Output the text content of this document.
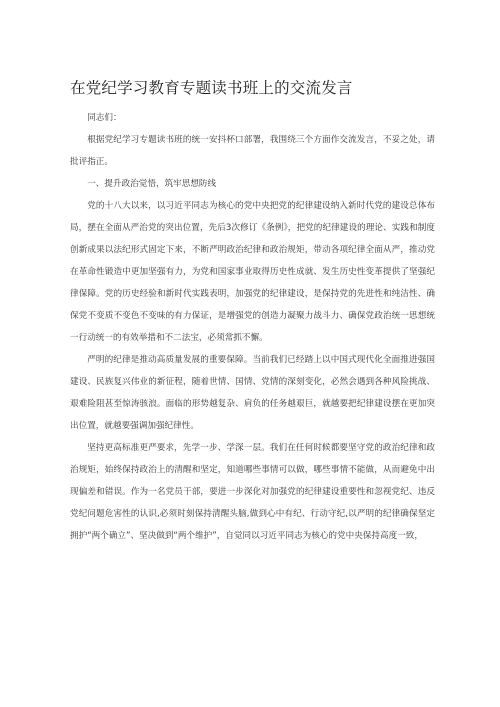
在党纪学习教育专题读书班上的交流发言

同志们：

根据党纪学习专题读书班的统一安抖杯口部署，我围绕三个方面作交流发言，不妥之处，请批评指正。

一、提升政治觉悟，筑牢思想防线

党的十八大以来，以习近平同志为核心的党中央把党的纪律建设纳入新时代党的建设总体布局，摆在全面从严治党的突出位置，先后3次修订《条例》，把党的纪律建设的理论、实践和制度创新成果以法纪形式固定下来，不断严明政治纪律和政治规矩，带动各项纪律全面从严，推动党在革命性锻造中更加坚强有力，为党和国家事业取得历史性成就、发生历史性变革提供了坚强纪律保障。党的历史经验和新时代实践表明，加强党的纪律建设，是保持党的先进性和纯洁性、确保党不变质不变色不变味的有力保证，是增强党的创造力凝聚力战斗力、确保党政治统一思想统一行动统一的有效举措和不二法宝，必须常抓不懈。

严明的纪律是推动高质量发展的重要保障。当前我们已经踏上以中国式现代化全面推进强国建设、民族复兴伟业的新征程，随着世情、国情、党情的深刻变化，必然会遇到各种风险挑战、艰难险阻甚至惊涛骇浪。面临的形势越复杂、肩负的任务越艰巨，就越要把纪律建设摆在更加突出位置，就越要强调加强纪律性。

坚持更高标准更严要求，先学一步、学深一层。我们在任何时候都要坚守党的政治纪律和政治规矩，始终保持政治上的清醒和坚定，知道哪些事情可以做，哪些事情不能做，从而避免中出现偏差和错误。作为一名党员干部，要进一步深化对加强党的纪律建设重要性和忽视党纪、违反党纪问题危害性的认识,必须时刻保持清醒头脑,做到心中有纪、行动守纪,以严明的纪律确保坚定拥护“两个确立”、坚决做到“两个维护”，自觉同以习近平同志为核心的党中央保持高度一致，
